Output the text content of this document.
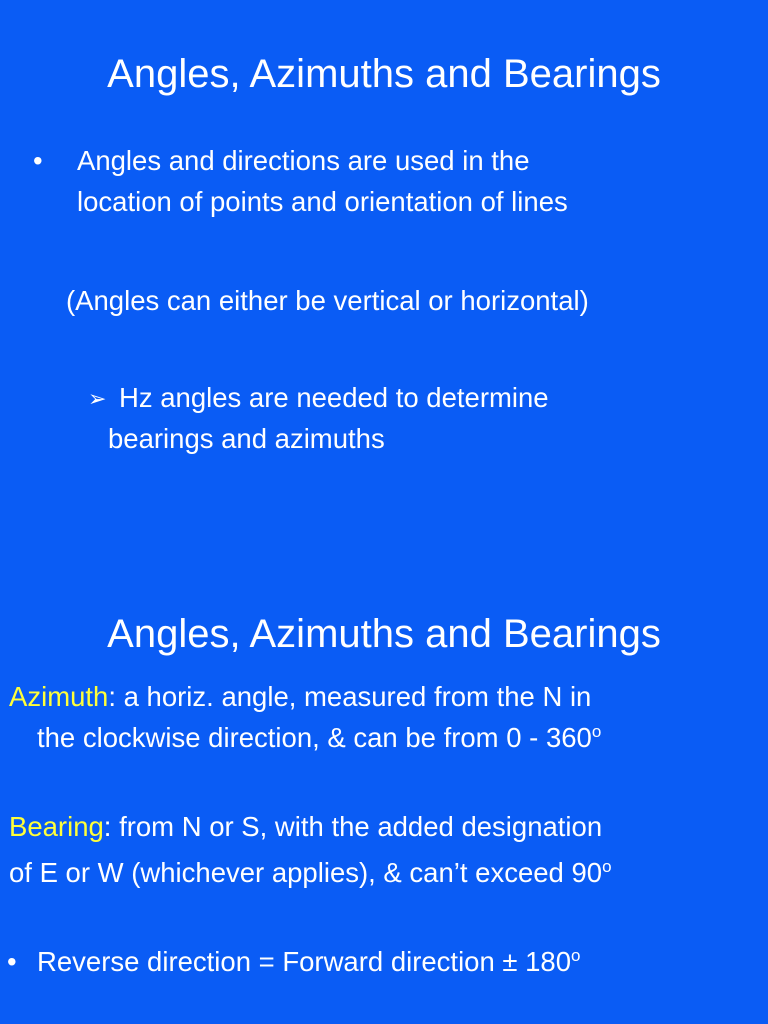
Angles, Azimuths and Bearings
• Angles and directions are used in the
location of points and orientation of lines
(Angles can either be vertical or horizontal)
➢ Hz angles are needed to determine
bearings and azimuths
Angles, Azimuths and Bearings
Azimuth: a horiz. angle, measured from the N in
the clockwise direction, & can be from 0 - 360$^o$
Bearing: from N or S, with the added designation
of E or W (whichever applies), & can’t exceed 90$^o$
• Reverse direction = Forward direction ± $180^o$
